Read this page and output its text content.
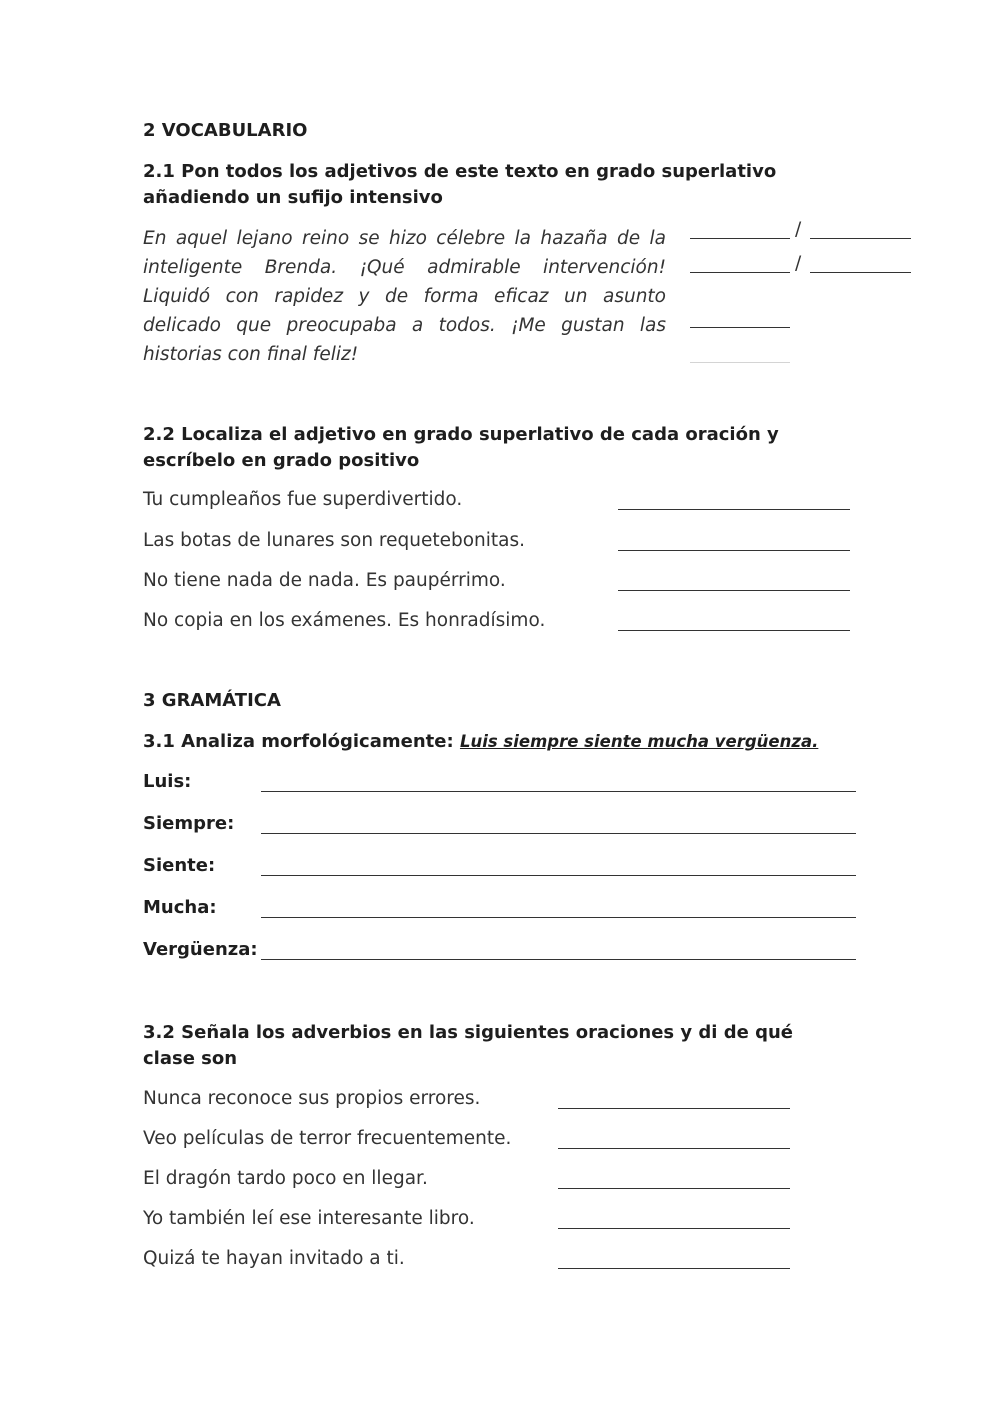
2 VOCABULARIO
2.1 Pon todos los adjetivos de este texto en grado superlativo añadiendo un sufijo intensivo
En aquel lejano reino se hizo célebre la hazaña de la inteligente Brenda. ¡Qué admirable intervención! Liquidó con rapidez y de forma eficaz un asunto delicado que preocupaba a todos. ¡Me gustan las historias con final feliz!
/
/
2.2 Localiza el adjetivo en grado superlativo de cada oración y escríbelo en grado positivo
Tu cumpleaños fue superdivertido.
Las botas de lunares son requetebonitas.
No tiene nada de nada. Es paupérrimo.
No copia en los exámenes. Es honradísimo.
3 GRAMÁTICA
3.1 Analiza morfológicamente: Luis siempre siente mucha vergüenza.
Luis:
Siempre:
Siente:
Mucha:
Vergüenza:
3.2 Señala los adverbios en las siguientes oraciones y di de qué clase son
Nunca reconoce sus propios errores.
Veo películas de terror frecuentemente.
El dragón tardo poco en llegar.
Yo también leí ese interesante libro.
Quizá te hayan invitado a ti.
